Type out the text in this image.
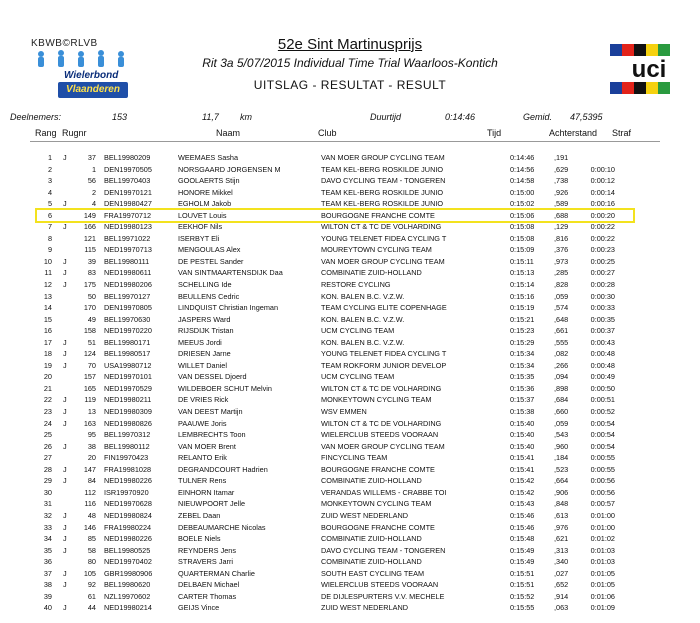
KBWB©RLVB
Wielerbond
Vlaanderen
52e Sint Martinusprijs
Rit 3a 5/07/2015 Individual Time Trial Waarloos-Kontich
UITSLAG - RESULTAT - RESULT
uci
Deelnemers:	153	11,7 km	Duurtijd	0:14:46	Gemid. 47,5395
Rang Rugnr	Naam	Club	Tijd	Achterstand Straf
1 J	37 BEL19980209	WEEMAES Sasha	VAN MOER GROUP CYCLING TEAM	0:14:46	,191
2	1 DEN19970505	NORSGAARD JORGENSEN M	TEAM KEL-BERG ROSKILDE JUNIO	0:14:56	,629	0:00:10
3	56 BEL19970403	GOOLAERTS Stijn	DAVO CYCLING TEAM - TONGEREN	0:14:58	,738	0:00:12
4	2 DEN19970121	HONORE Mikkel	TEAM KEL-BERG ROSKILDE JUNIO	0:15:00	,926	0:00:14
5 J	4 DEN19980427	EGHOLM Jakob	TEAM KEL-BERG ROSKILDE JUNIO	0:15:02	,589	0:00:16
6	149 FRA19970712	LOUVET Louis	BOURGOGNE FRANCHE COMTE	0:15:06	,688	0:00:20
7 J	166 NED19980123	EEKHOF Nils	WILTON CT & TC DE VOLHARDING	0:15:08	,129	0:00:22
8	121 BEL19971022	ISERBYT Eli	YOUNG TELENET FIDEA CYCLING T	0:15:08	,816	0:00:22
9	115 NED19970713	MENGOULAS Alex	MOUREYTOWN CYCLING TEAM	0:15:09	,376	0:00:23
10 J	39 BEL19980111	DE PESTEL Sander	VAN MOER GROUP CYCLING TEAM	0:15:11	,973	0:00:25
11 J	83 NED19980611	VAN SINTMAARTENSDIJK Daa	COMBINATIE ZUID-HOLLAND	0:15:13	,285	0:00:27
12 J	175 NED19980206	SCHELLING Ide	RESTORE CYCLING	0:15:14	,828	0:00:28
13	50 BEL19970127	BEULLENS Cedric	KON. BALEN B.C. V.Z.W.	0:15:16	,059	0:00:30
14	170 DEN19970805	LINDQUIST Christian Ingeman	TEAM CYCLING ELITE COPENHAGE	0:15:19	,574	0:00:33
15	49 BEL19970630	JASPERS Ward	KON. BALEN B.C. V.Z.W.	0:15:21	,648	0:00:35
16	158 NED19970220	RIJSDIJK Tristan	UCM CYCLING TEAM	0:15:23	,661	0:00:37
17 J	51 BEL19980171	MEEUS Jordi	KON. BALEN B.C. V.Z.W.	0:15:29	,555	0:00:43
18 J	124 BEL19980517	DRIESEN Jarne	YOUNG TELENET FIDEA CYCLING T	0:15:34	,082	0:00:48
19 J	70 USA19980712	WILLET Daniel	TEAM ROKFORM JUNIOR DEVELOP	0:15:34	,266	0:00:48
20	157 NED19970101	VAN DESSEL Djoerd	UCM CYCLING TEAM	0:15:35	,094	0:00:49
21	165 NED19970529	WILDEBOER SCHUT Melvin	WILTON CT & TC DE VOLHARDING	0:15:36	,898	0:00:50
22 J	119 NED19980211	DE VRIES Rick	MONKEYTOWN CYCLING TEAM	0:15:37	,684	0:00:51
23 J	13 NED19980309	VAN DEEST Martijn	WSV EMMEN	0:15:38	,660	0:00:52
24 J	163 NED19980826	PAAUWE Joris	WILTON CT & TC DE VOLHARDING	0:15:40	,059	0:00:54
25	95 BEL19970312	LEMBRECHTS Toon	WIELERCLUB STEEDS VOORAAN	0:15:40	,543	0:00:54
26 J	38 BEL19980112	VAN MOER Brent	VAN MOER GROUP CYCLING TEAM	0:15:40	,960	0:00:54
27	20 FIN19970423	RELANTO Erik	FINCYCLING TEAM	0:15:41	,184	0:00:55
28 J	147 FRA19981028	DEGRANDCOURT Hadrien	BOURGOGNE FRANCHE COMTE	0:15:41	,523	0:00:55
29 J	84 NED19980226	TULNER Rens	COMBINATIE ZUID-HOLLAND	0:15:42	,664	0:00:56
30	112 ISR19970920	EINHORN Itamar	VERANDAS WILLEMS - CRABBE TOI	0:15:42	,906	0:00:56
31	116 NED19970628	NIEUWPOORT Jelle	MONKEYTOWN CYCLING TEAM	0:15:43	,848	0:00:57
32 J	48 NED19980824	ZEBEL Daan	ZUID WEST NEDERLAND	0:15:46	,613	0:01:00
33 J	146 FRA19980224	DEBEAUMARCHE Nicolas	BOURGOGNE FRANCHE COMTE	0:15:46	,976	0:01:00
34 J	85 NED19980226	BOELE Niels	COMBINATIE ZUID-HOLLAND	0:15:48	,621	0:01:02
35 J	58 BEL19980525	REYNDERS Jens	DAVO CYCLING TEAM - TONGEREN	0:15:49	,313	0:01:03
36	80 NED19970402	STRAVERS Jarri	COMBINATIE ZUID-HOLLAND	0:15:49	,340	0:01:03
37 J	105 GBR19980906	QUARTERMAN Charlie	SOUTH EAST CYCLING TEAM	0:15:51	,027	0:01:05
38 J	92 BEL19980620	DELBAEN Michael	WIELERCLUB STEEDS VOORAAN	0:15:51	,652	0:01:05
39	61 NZL19970602	CARTER Thomas	DE DIJLESPURTERS V.V. MECHELE	0:15:52	,914	0:01:06
40 J	44 NED19980214	GEIJS Vince	ZUID WEST NEDERLAND	0:15:55	,063	0:01:09
